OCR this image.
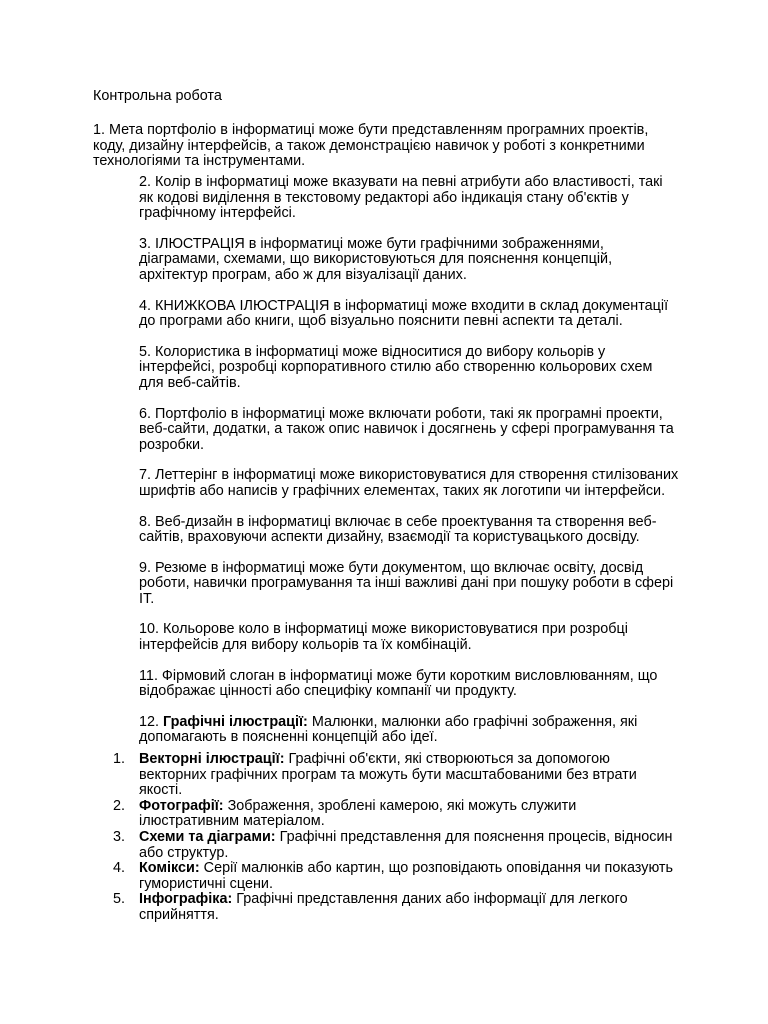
Контрольна робота

1. Мета портфоліо в інформатиці може бути представленням програмних проектів, коду, дизайну інтерфейсів, а також демонстрацією навичок у роботі з конкретними технологіями та інструментами.

2. Колір в інформатиці може вказувати на певні атрибути або властивості, такі як кодові виділення в текстовому редакторі або індикація стану об'єктів у графічному інтерфейсі.

3. ІЛЮСТРАЦІЯ в інформатиці може бути графічними зображеннями, діаграмами, схемами, що використовуються для пояснення концепцій, архітектур програм, або ж для візуалізації даних.

4. КНИЖКОВА ІЛЮСТРАЦІЯ в інформатиці може входити в склад документації до програми або книги, щоб візуально пояснити певні аспекти та деталі.

5. Колористика в інформатиці може відноситися до вибору кольорів у інтерфейсі, розробці корпоративного стилю або створенню кольорових схем для веб-сайтів.

6. Портфоліо в інформатиці може включати роботи, такі як програмні проекти, веб-сайти, додатки, а також опис навичок і досягнень у сфері програмування та розробки.

7. Леттерінг в інформатиці може використовуватися для створення стилізованих шрифтів або написів у графічних елементах, таких як логотипи чи інтерфейси.

8. Веб-дизайн в інформатиці включає в себе проектування та створення веб-сайтів, враховуючи аспекти дизайну, взаємодії та користувацького досвіду.

9. Резюме в інформатиці може бути документом, що включає освіту, досвід роботи, навички програмування та інші важливі дані при пошуку роботи в сфері IT.

10. Кольорове коло в інформатиці може використовуватися при розробці інтерфейсів для вибору кольорів та їх комбінацій.

11. Фірмовий слоган в інформатиці може бути коротким висловлюванням, що відображає цінності або специфіку компанії чи продукту.

12. Графічні ілюстрації: Малюнки, малюнки або графічні зображення, які допомагають в поясненні концепцій або ідеї.

1. Векторні ілюстрації: Графічні об'єкти, які створюються за допомогою векторних графічних програм та можуть бути масштабованими без втрати якості.
2. Фотографії: Зображення, зроблені камерою, які можуть служити ілюстративним матеріалом.
3. Схеми та діаграми: Графічні представлення для пояснення процесів, відносин або структур.
4. Комікси: Серії малюнків або картин, що розповідають оповідання чи показують гумористичні сцени.
5. Інфографіка: Графічні представлення даних або інформації для легкого сприйняття.
